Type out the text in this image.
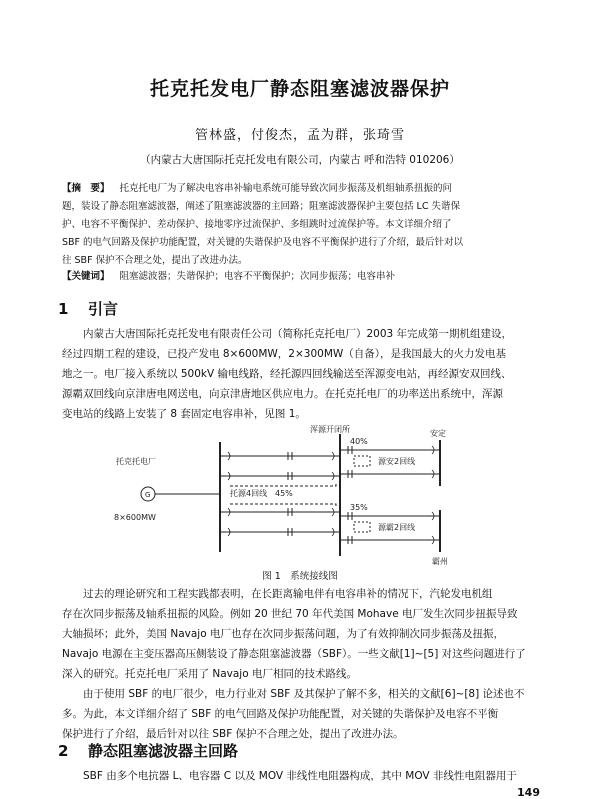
托克托发电厂静态阻塞滤波器保护
管林盛，付俊杰，孟为群，张琦雪
（内蒙古大唐国际托克托发电有限公司，内蒙古 呼和浩特 010206）
【摘　要】 托克托电厂为了解决电容串补输电系统可能导致次同步振荡及机组轴系扭振的问
题，装设了静态阻塞滤波器，阐述了阻塞滤波器的主回路；阻塞滤波器保护主要包括 LC 失谐保
护、电容不平衡保护、差动保护、接地零序过流保护、多组跳时过流保护等。本文详细介绍了
SBF 的电气回路及保护功能配置，对关键的失谐保护及电容不平衡保护进行了介绍，最后针对以
往 SBF 保护不合理之处，提出了改进办法。
【关键词】 阻塞滤波器；失谐保护；电容不平衡保护；次同步振荡；电容串补
1 引言
内蒙古大唐国际托克托发电有限责任公司（简称托克托电厂）2003 年完成第一期机组建设，
经过四期工程的建设，已投产发电 8×600MW，2×300MW（自备），是我国最大的火力发电基
地之一。电厂接入系统以 500kV 输电线路，经托源四回线输送至浑源变电站，再经源安双回线、
源霸双回线向京津唐电网送电，向京津唐地区供应电力。在托克托电厂的功率送出系统中，浑源
变电站的线路上安装了 8 套固定电容串补，见图 1。
托克托电厂
G
8×600MW
托源4回线 45%
浑源开闭所	安定
霸州
40%
35%
源安2回线
源霸2回线
图 1　系统接线图
过去的理论研究和工程实践都表明，在长距离输电伴有电容串补的情况下，汽轮发电机组
存在次同步振荡及轴系扭振的风险。例如 20 世纪 70 年代美国 Mohave 电厂发生次同步扭振导致
大轴损坏；此外，美国 Navajo 电厂也存在次同步振荡问题，为了有效抑制次同步振荡及扭振，
Navajo 电源在主变压器高压侧装设了静态阻塞滤波器（SBF）。一些文献[1]~[5] 对这些问题进行了
深入的研究。托克托电厂采用了 Navajo 电厂相同的技术路线。
由于使用 SBF 的电厂很少，电力行业对 SBF 及其保护了解不多，相关的文献[6]~[8] 论述也不
多。为此，本文详细介绍了 SBF 的电气回路及保护功能配置，对关键的失谐保护及电容不平衡
保护进行了介绍，最后针对以往 SBF 保护不合理之处，提出了改进办法。
2 静态阻塞滤波器主回路
SBF 由多个电抗器 L、电容器 C 以及 MOV 非线性电阻器构成，其中 MOV 非线性电阻器用于
149
